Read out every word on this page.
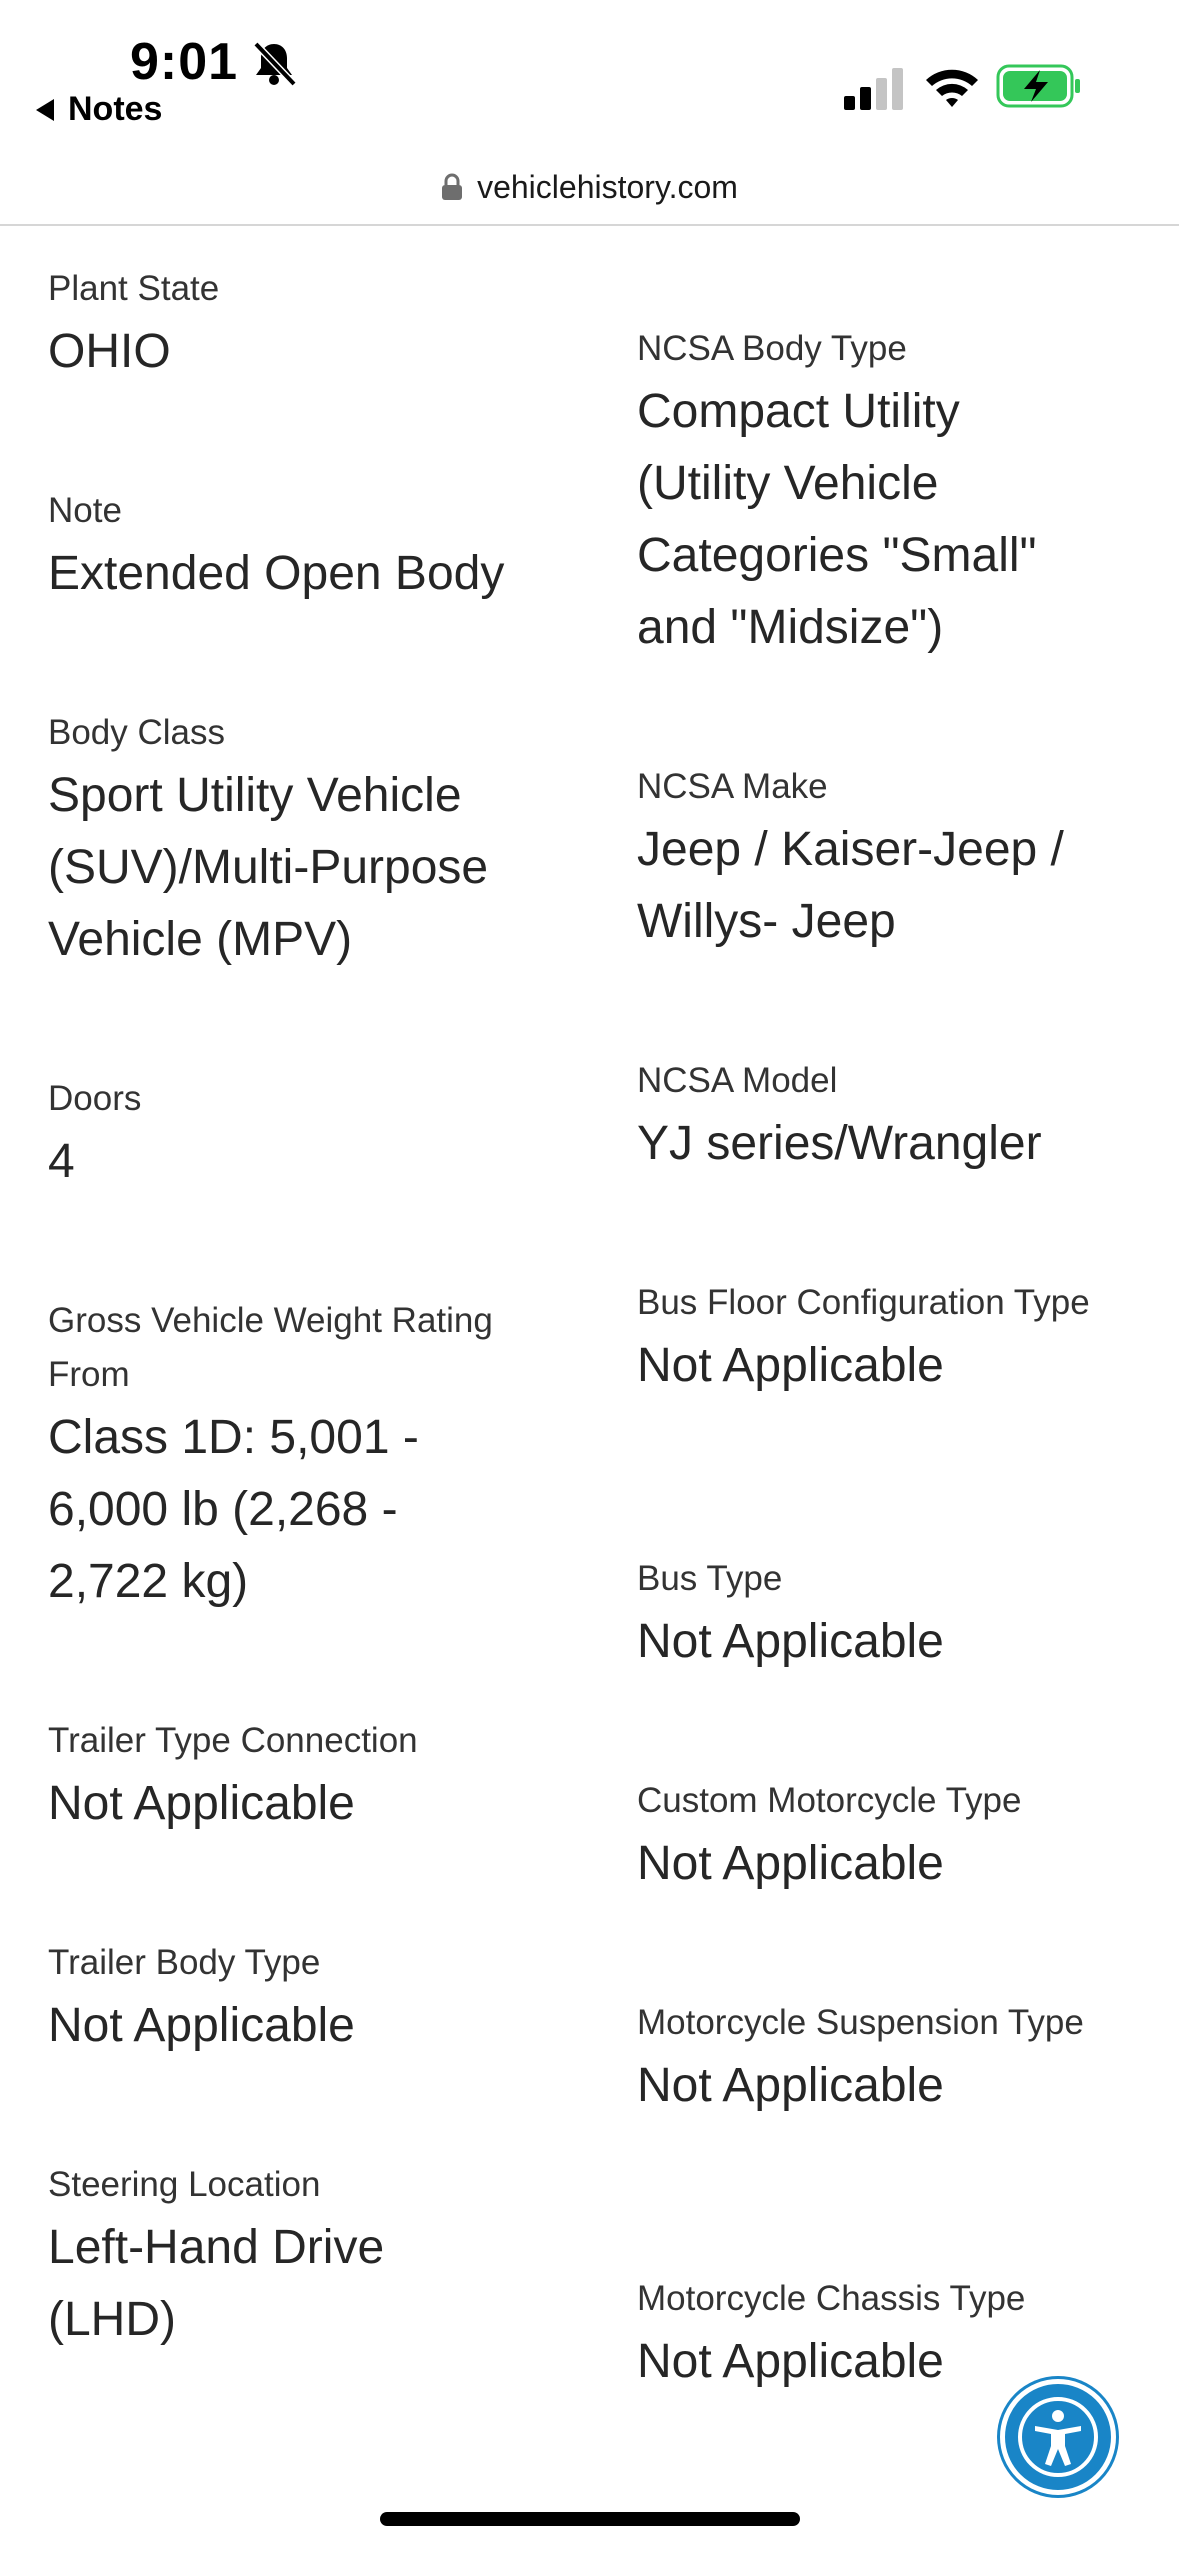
9:01
Notes
vehiclehistory.com
Plant State
OHIO
Note
Extended Open Body
Body Class
Sport Utility Vehicle (SUV)/Multi-Purpose Vehicle (MPV)
Doors
4
Gross Vehicle Weight Rating From
Class 1D: 5,001 - 6,000 lb (2,268 - 2,722 kg)
Trailer Type Connection
Not Applicable
Trailer Body Type
Not Applicable
Steering Location
Left-Hand Drive (LHD)
NCSA Body Type
Compact Utility (Utility Vehicle Categories "Small" and "Midsize")
NCSA Make
Jeep / Kaiser-Jeep / Willys- Jeep
NCSA Model
YJ series/Wrangler
Bus Floor Configuration Type
Not Applicable
Bus Type
Not Applicable
Custom Motorcycle Type
Not Applicable
Motorcycle Suspension Type
Not Applicable
Motorcycle Chassis Type
Not Applicable
